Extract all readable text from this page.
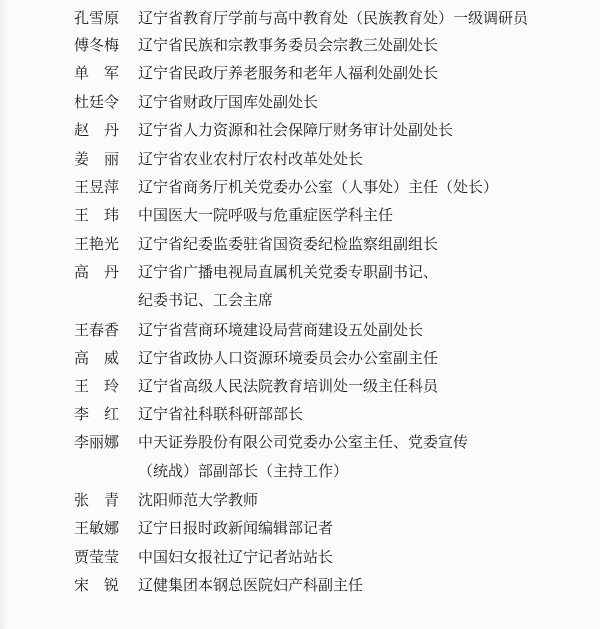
孔雪原	辽宁省教育厅学前与高中教育处（民族教育处）一级调研员
傅冬梅	辽宁省民族和宗教事务委员会宗教三处副处长
单　军	辽宁省民政厅养老服务和老年人福利处副处长
杜廷令	辽宁省财政厅国库处副处长
赵　丹	辽宁省人力资源和社会保障厅财务审计处副处长
姜　丽	辽宁省农业农村厅农村改革处处长
王昱萍	辽宁省商务厅机关党委办公室（人事处）主任（处长）
王　玮	中国医大一院呼吸与危重症医学科主任
王艳光	辽宁省纪委监委驻省国资委纪检监察组副组长
高　丹	辽宁省广播电视局直属机关党委专职副书记、
纪委书记、工会主席
王春香	辽宁省营商环境建设局营商建设五处副处长
高　威	辽宁省政协人口资源环境委员会办公室副主任
王　玲	辽宁省高级人民法院教育培训处一级主任科员
李　红	辽宁省社科联科研部部长
李丽娜	中天证券股份有限公司党委办公室主任、党委宣传
（统战）部副部长（主持工作）
张　青	沈阳师范大学教师
王敏娜	辽宁日报时政新闻编辑部记者
贾莹莹	中国妇女报社辽宁记者站站长
宋　锐	辽健集团本钢总医院妇产科副主任
